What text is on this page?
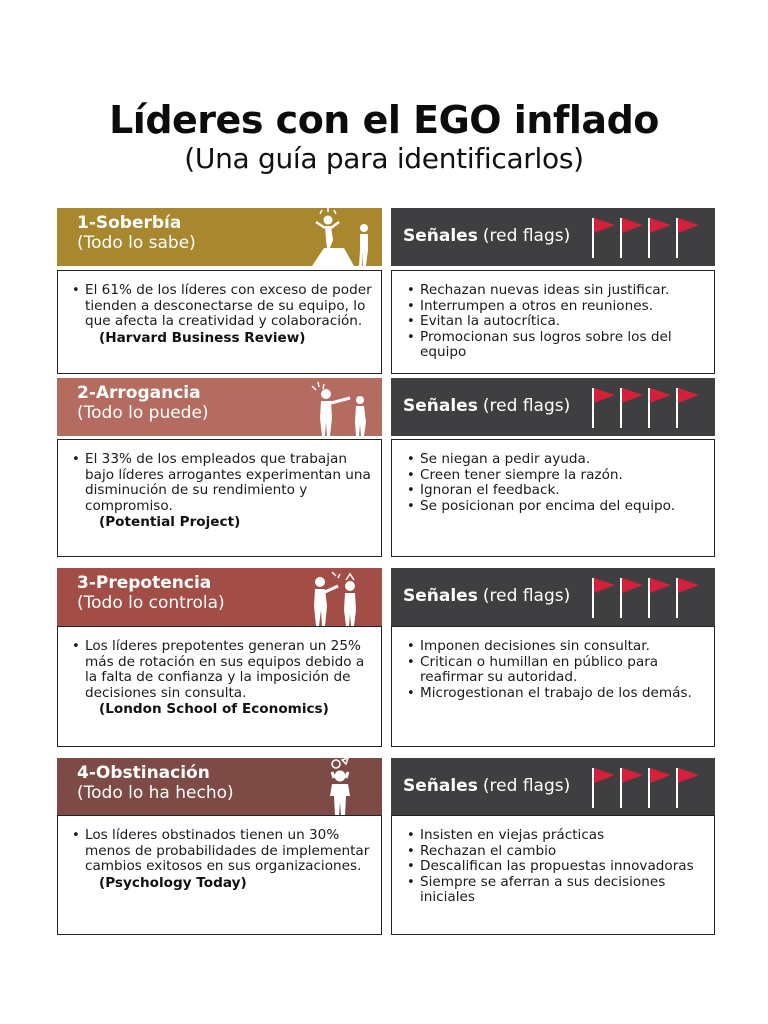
Líderes con el EGO inflado
(Una guía para identificarlos)
1-Soberbía
(Todo lo sabe)
• El 61% de los líderes con exceso de poder tienden a desconectarse de su equipo, lo que afecta la creatividad y colaboración.
(Harvard Business Review)
Señales (red flags)
• Rechazan nuevas ideas sin justificar.
• Interrumpen a otros en reuniones.
• Evitan la autocrítica.
• Promocionan sus logros sobre los del equipo
2-Arrogancia
(Todo lo puede)
• El 33% de los empleados que trabajan bajo líderes arrogantes experimentan una disminución de su rendimiento y compromiso.
(Potential Project)
Señales (red flags)
• Se niegan a pedir ayuda.
• Creen tener siempre la razón.
• Ignoran el feedback.
• Se posicionan por encima del equipo.
3-Prepotencia
(Todo lo controla)
• Los líderes prepotentes generan un 25% más de rotación en sus equipos debido a la falta de confianza y la imposición de decisiones sin consulta.
(London School of Economics)
Señales (red flags)
• Imponen decisiones sin consultar.
• Critican o humillan en público para reafirmar su autoridad.
• Microgestionan el trabajo de los demás.
4-Obstinación
(Todo lo ha hecho)
• Los líderes obstinados tienen un 30% menos de probabilidades de implementar cambios exitosos en sus organizaciones.
(Psychology Today)
Señales (red flags)
• Insisten en viejas prácticas
• Rechazan el cambio
• Descalifican las propuestas innovadoras
• Siempre se aferran a sus decisiones iniciales
